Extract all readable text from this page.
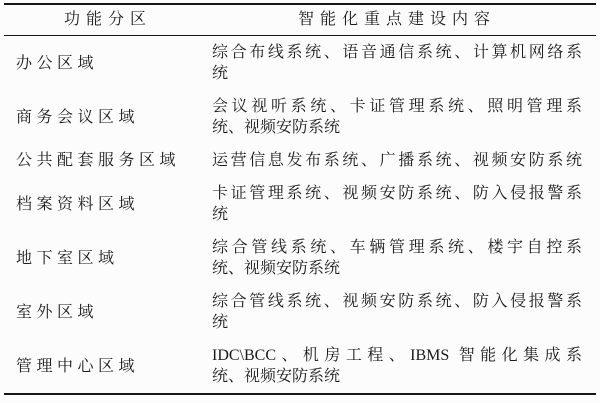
功能分区	智能化重点建设内容
办公区域
综合布线系统、语音通信系统、计算机网络系
统
商务会议区域
会议视听系统、卡证管理系统、照明管理系
统、视频安防系统
公共配套服务区域	运营信息发布系统、广播系统、视频安防系统
档案资料区域
卡证管理系统、视频安防系统、防入侵报警系
统
地下室区域
综合管线系统、车辆管理系统、楼宇自控系
统、视频安防系统
室外区域
综合管线系统、视频安防系统、防入侵报警系
统
管理中心区域
IDC\BCC、机房工程、IBMS 智能化集成系
统、视频安防系统
